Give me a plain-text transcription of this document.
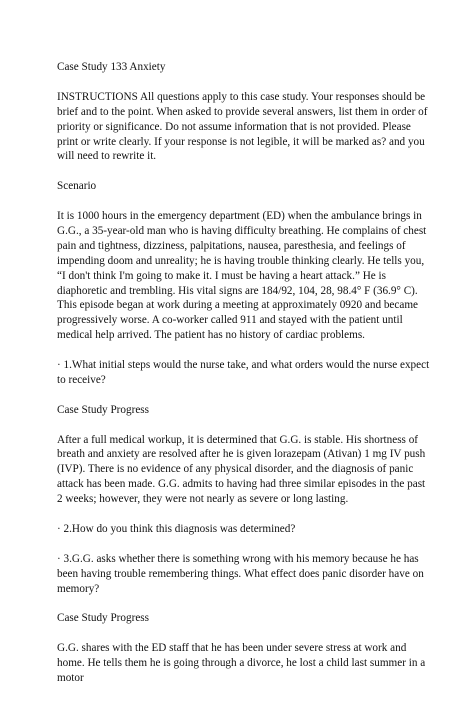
Case Study 133 Anxiety

INSTRUCTIONS All questions apply to this case study. Your responses should be brief and to the point. When asked to provide several answers, list them in order of priority or significance. Do not assume information that is not provided. Please print or write clearly. If your response is not legible, it will be marked as? and you will need to rewrite it.

Scenario

It is 1000 hours in the emergency department (ED) when the ambulance brings in G.G., a 35-year-old man who is having difficulty breathing. He complains of chest pain and tightness, dizziness, palpitations, nausea, paresthesia, and feelings of impending doom and unreality; he is having trouble thinking clearly. He tells you, “I don't think I'm going to make it. I must be having a heart attack.” He is diaphoretic and trembling. His vital signs are 184/92, 104, 28, 98.4° F (36.9° C). This episode began at work during a meeting at approximately 0920 and became progressively worse. A co-worker called 911 and stayed with the patient until medical help arrived. The patient has no history of cardiac problems.

· 1.What initial steps would the nurse take, and what orders would the nurse expect to receive?

Case Study Progress

After a full medical workup, it is determined that G.G. is stable. His shortness of breath and anxiety are resolved after he is given lorazepam (Ativan) 1 mg IV push (IVP). There is no evidence of any physical disorder, and the diagnosis of panic attack has been made. G.G. admits to having had three similar episodes in the past 2 weeks; however, they were not nearly as severe or long lasting.

· 2.How do you think this diagnosis was determined?

· 3.G.G. asks whether there is something wrong with his memory because he has been having trouble remembering things. What effect does panic disorder have on memory?

Case Study Progress

G.G. shares with the ED staff that he has been under severe stress at work and home. He tells them he is going through a divorce, he lost a child last summer in a motor
